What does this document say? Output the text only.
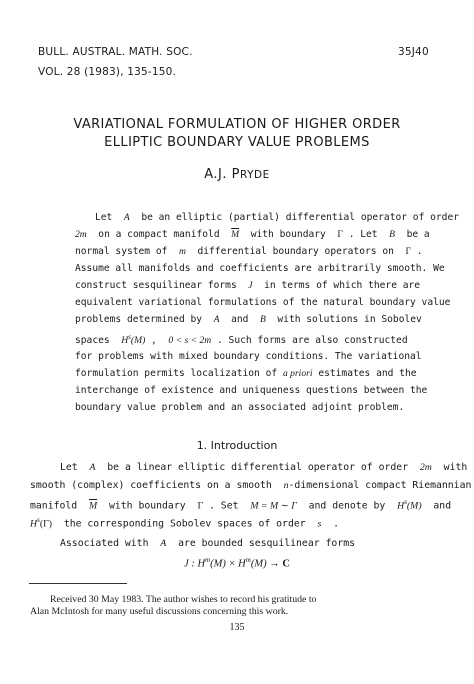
BULL. AUSTRAL. MATH. SOC.
VOL. 28 (1983), 135-150.
35J40
VARIATIONAL FORMULATION OF HIGHER ORDER
ELLIPTIC BOUNDARY VALUE PROBLEMS
A.J. PRYDE
Let A be an elliptic (partial) differential operator of order
2m on a compact manifold $\overline{M}$ with boundary Γ . Let B be a
normal system of m differential boundary operators on Γ .
Assume all manifolds and coefficients are arbitrarily smooth. We
construct sesquilinear forms J in terms of which there are
equivalent variational formulations of the natural boundary value
problems determined by A and B with solutions in Sobolev
spaces $H^s(M)$ , 0 < s < 2m . Such forms are also constructed
for problems with mixed boundary conditions. The variational
formulation permits localization of a priori estimates and the
interchange of existence and uniqueness questions between the
boundary value problem and an associated adjoint problem.
1. Introduction
Let A be a linear elliptic differential operator of order 2m with
smooth (complex) coefficients on a smooth n-dimensional compact Riemannian
manifold $\overline{M}$ with boundary Γ . Set M = M ∼ Γ and denote by $H^s(M)$ and
$H^s(\Gamma)$ the corresponding Sobolev spaces of order s .
Associated with A are bounded sesquilinear forms
J : $H^m(M) \times H^m(M) \to C$
Received 30 May 1983. The author wishes to record his gratitude to
Alan McIntosh for many useful discussions concerning this work.
135
